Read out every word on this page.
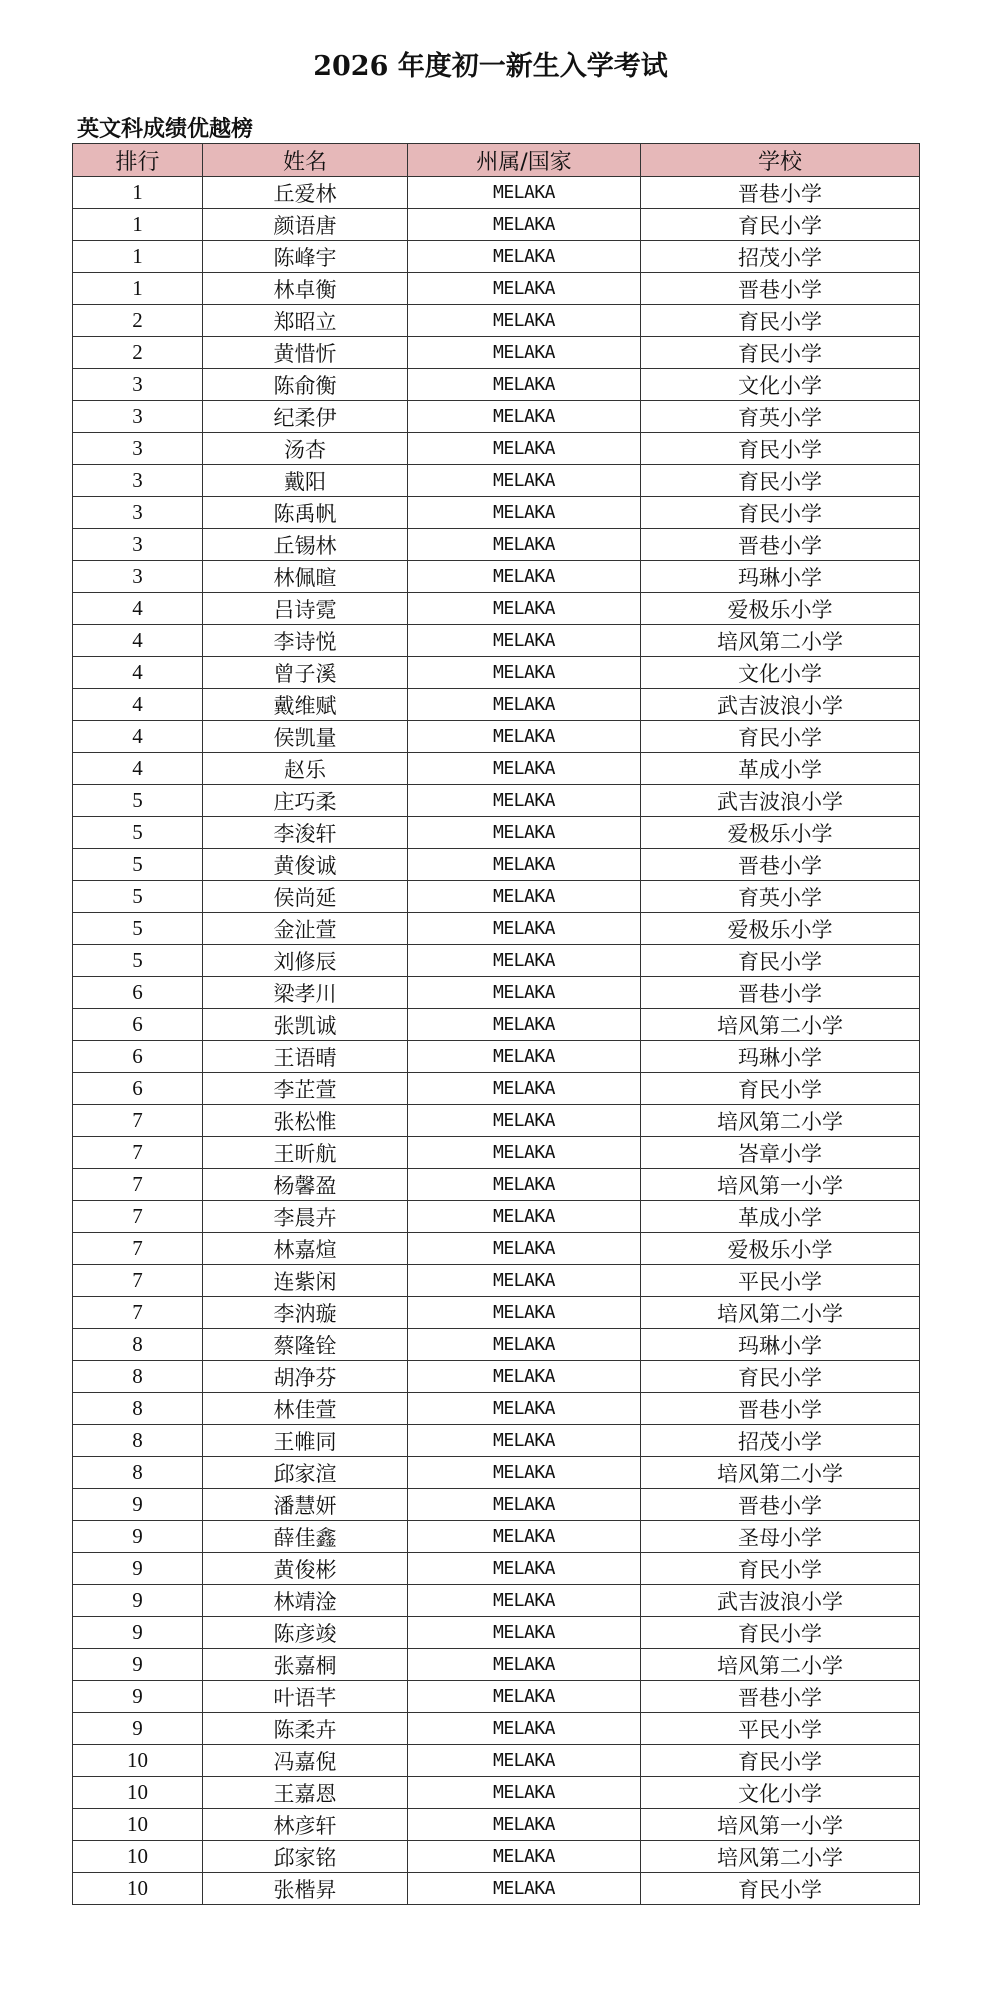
2026 年度初一新生入学考试
英文科成绩优越榜
排行	姓名	州属/国家	学校
1	丘爱林	MELAKA	晋巷小学
1	颜语唐	MELAKA	育民小学
1	陈峰宇	MELAKA	招茂小学
1	林卓衡	MELAKA	晋巷小学
2	郑昭立	MELAKA	育民小学
2	黄惜忻	MELAKA	育民小学
3	陈俞衡	MELAKA	文化小学
3	纪柔伊	MELAKA	育英小学
3	汤杏	MELAKA	育民小学
3	戴阳	MELAKA	育民小学
3	陈禹帆	MELAKA	育民小学
3	丘锡林	MELAKA	晋巷小学
3	林佩暄	MELAKA	玛琳小学
4	吕诗霓	MELAKA	爱极乐小学
4	李诗悦	MELAKA	培风第二小学
4	曾子溪	MELAKA	文化小学
4	戴维赋	MELAKA	武吉波浪小学
4	侯凯量	MELAKA	育民小学
4	赵乐	MELAKA	革成小学
5	庄巧柔	MELAKA	武吉波浪小学
5	李浚轩	MELAKA	爱极乐小学
5	黄俊诚	MELAKA	晋巷小学
5	侯尚延	MELAKA	育英小学
5	金沚萱	MELAKA	爱极乐小学
5	刘修辰	MELAKA	育民小学
6	梁孝川	MELAKA	晋巷小学
6	张凯诚	MELAKA	培风第二小学
6	王语晴	MELAKA	玛琳小学
6	李芷萱	MELAKA	育民小学
7	张松惟	MELAKA	培风第二小学
7	王昕航	MELAKA	峇章小学
7	杨馨盈	MELAKA	培风第一小学
7	李晨卉	MELAKA	革成小学
7	林嘉煊	MELAKA	爱极乐小学
7	连紫闲	MELAKA	平民小学
7	李汭璇	MELAKA	培风第二小学
8	蔡隆铨	MELAKA	玛琳小学
8	胡净芬	MELAKA	育民小学
8	林佳萱	MELAKA	晋巷小学
8	王帷同	MELAKA	招茂小学
8	邱家渲	MELAKA	培风第二小学
9	潘慧妍	MELAKA	晋巷小学
9	薛佳鑫	MELAKA	圣母小学
9	黄俊彬	MELAKA	育民小学
9	林靖淦	MELAKA	武吉波浪小学
9	陈彦竣	MELAKA	育民小学
9	张嘉桐	MELAKA	培风第二小学
9	叶语芊	MELAKA	晋巷小学
9	陈柔卉	MELAKA	平民小学
10	冯嘉倪	MELAKA	育民小学
10	王嘉恩	MELAKA	文化小学
10	林彦轩	MELAKA	培风第一小学
10	邱家铭	MELAKA	培风第二小学
10	张楷昇	MELAKA	育民小学
